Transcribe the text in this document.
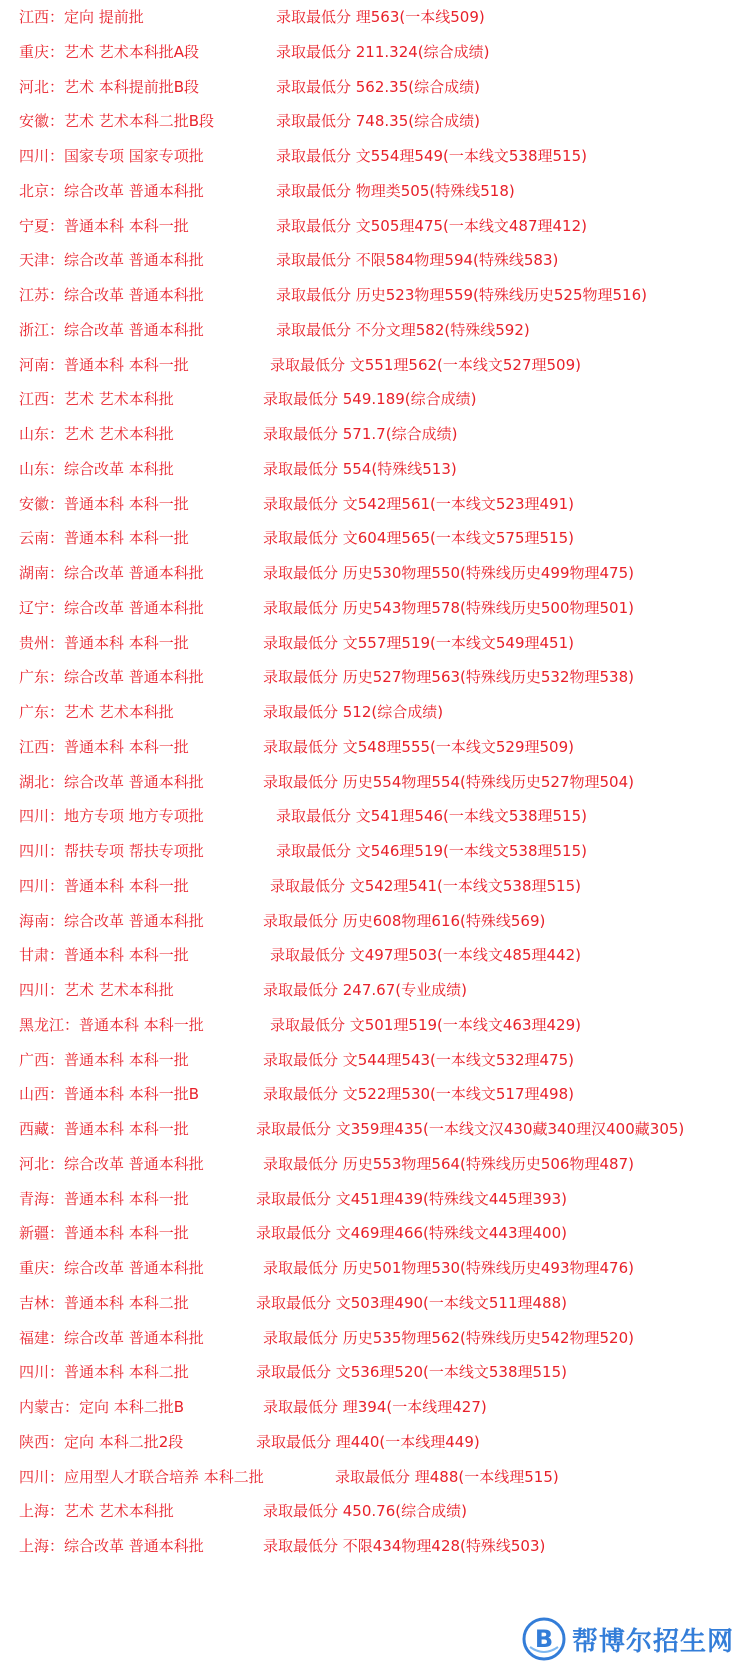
江西：定向 提前批	录取最低分 理563(一本线509)
重庆：艺术 艺术本科批A段	录取最低分 211.324(综合成绩)
河北：艺术 本科提前批B段	录取最低分 562.35(综合成绩)
安徽：艺术 艺术本科二批B段	录取最低分 748.35(综合成绩)
四川：国家专项 国家专项批	录取最低分 文554理549(一本线文538理515)
北京：综合改革 普通本科批	录取最低分 物理类505(特殊线518)
宁夏：普通本科 本科一批	录取最低分 文505理475(一本线文487理412)
天津：综合改革 普通本科批	录取最低分 不限584物理594(特殊线583)
江苏：综合改革 普通本科批	录取最低分 历史523物理559(特殊线历史525物理516)
浙江：综合改革 普通本科批	录取最低分 不分文理582(特殊线592)
河南：普通本科 本科一批	录取最低分 文551理562(一本线文527理509)
江西：艺术 艺术本科批	录取最低分 549.189(综合成绩)
山东：艺术 艺术本科批	录取最低分 571.7(综合成绩)
山东：综合改革 本科批	录取最低分 554(特殊线513)
安徽：普通本科 本科一批	录取最低分 文542理561(一本线文523理491)
云南：普通本科 本科一批	录取最低分 文604理565(一本线文575理515)
湖南：综合改革 普通本科批	录取最低分 历史530物理550(特殊线历史499物理475)
辽宁：综合改革 普通本科批	录取最低分 历史543物理578(特殊线历史500物理501)
贵州：普通本科 本科一批	录取最低分 文557理519(一本线文549理451)
广东：综合改革 普通本科批	录取最低分 历史527物理563(特殊线历史532物理538)
广东：艺术 艺术本科批	录取最低分 512(综合成绩)
江西：普通本科 本科一批	录取最低分 文548理555(一本线文529理509)
湖北：综合改革 普通本科批	录取最低分 历史554物理554(特殊线历史527物理504)
四川：地方专项 地方专项批	录取最低分 文541理546(一本线文538理515)
四川：帮扶专项 帮扶专项批	录取最低分 文546理519(一本线文538理515)
四川：普通本科 本科一批	录取最低分 文542理541(一本线文538理515)
海南：综合改革 普通本科批	录取最低分 历史608物理616(特殊线569)
甘肃：普通本科 本科一批	录取最低分 文497理503(一本线文485理442)
四川：艺术 艺术本科批	录取最低分 247.67(专业成绩)
黑龙江：普通本科 本科一批	录取最低分 文501理519(一本线文463理429)
广西：普通本科 本科一批	录取最低分 文544理543(一本线文532理475)
山西：普通本科 本科一批B	录取最低分 文522理530(一本线文517理498)
西藏：普通本科 本科一批	录取最低分 文359理435(一本线文汉430藏340理汉400藏305)
河北：综合改革 普通本科批	录取最低分 历史553物理564(特殊线历史506物理487)
青海：普通本科 本科一批	录取最低分 文451理439(特殊线文445理393)
新疆：普通本科 本科一批	录取最低分 文469理466(特殊线文443理400)
重庆：综合改革 普通本科批	录取最低分 历史501物理530(特殊线历史493物理476)
吉林：普通本科 本科二批	录取最低分 文503理490(一本线文511理488)
福建：综合改革 普通本科批	录取最低分 历史535物理562(特殊线历史542物理520)
四川：普通本科 本科二批	录取最低分 文536理520(一本线文538理515)
内蒙古：定向 本科二批B	录取最低分 理394(一本线理427)
陕西：定向 本科二批2段	录取最低分 理440(一本线理449)
四川：应用型人才联合培养 本科二批	录取最低分 理488(一本线理515)
上海：艺术 艺术本科批	录取最低分 450.76(综合成绩)
上海：综合改革 普通本科批	录取最低分 不限434物理428(特殊线503)
B 帮博尔招生网
